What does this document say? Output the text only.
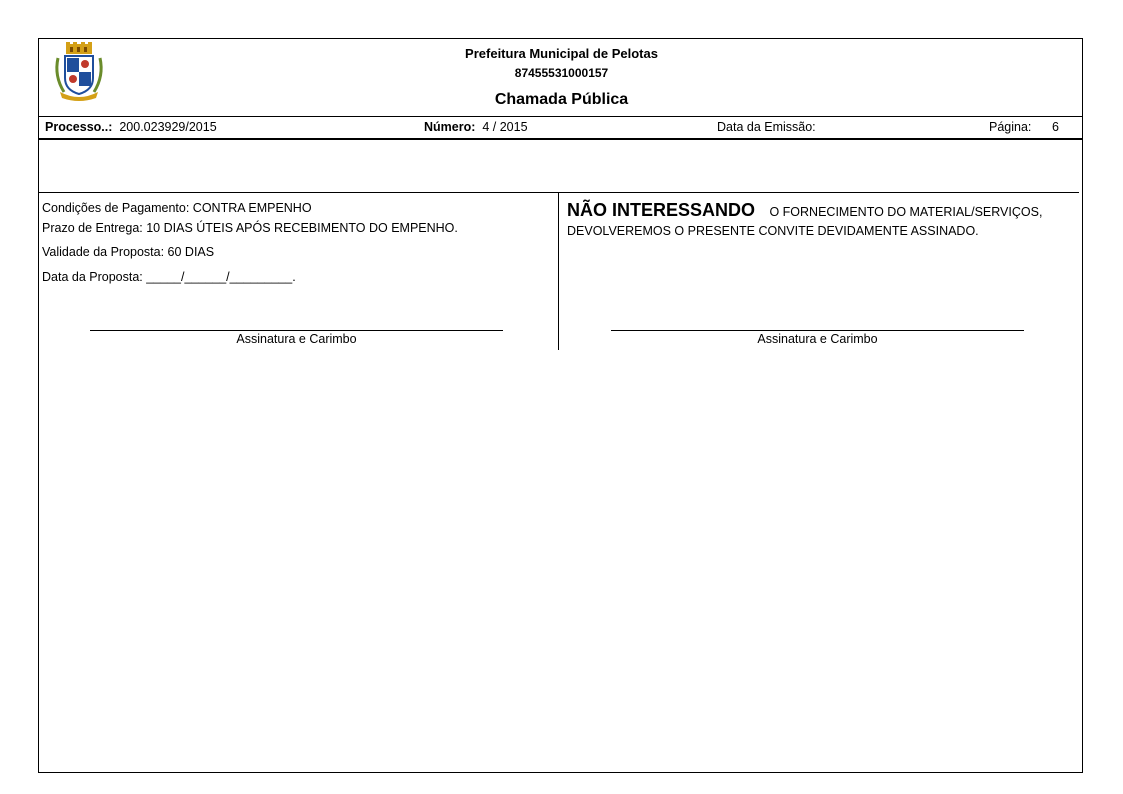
Prefeitura Municipal de Pelotas
87455531000157
Chamada Pública
Processo..: 200.023929/2015	Número: 4 / 2015	Data da Emissão:	Página: 6
Condições de Pagamento: CONTRA EMPENHO
Prazo de Entrega: 10 DIAS ÚTEIS APÓS RECEBIMENTO DO EMPENHO.
Validade da Proposta: 60 DIAS
Data da Proposta: _____/______/_________.
NÃO INTERESSANDO O FORNECIMENTO DO MATERIAL/SERVIÇOS,
DEVOLVEREMOS O PRESENTE CONVITE DEVIDAMENTE ASSINADO.
Assinatura e Carimbo	Assinatura e Carimbo
